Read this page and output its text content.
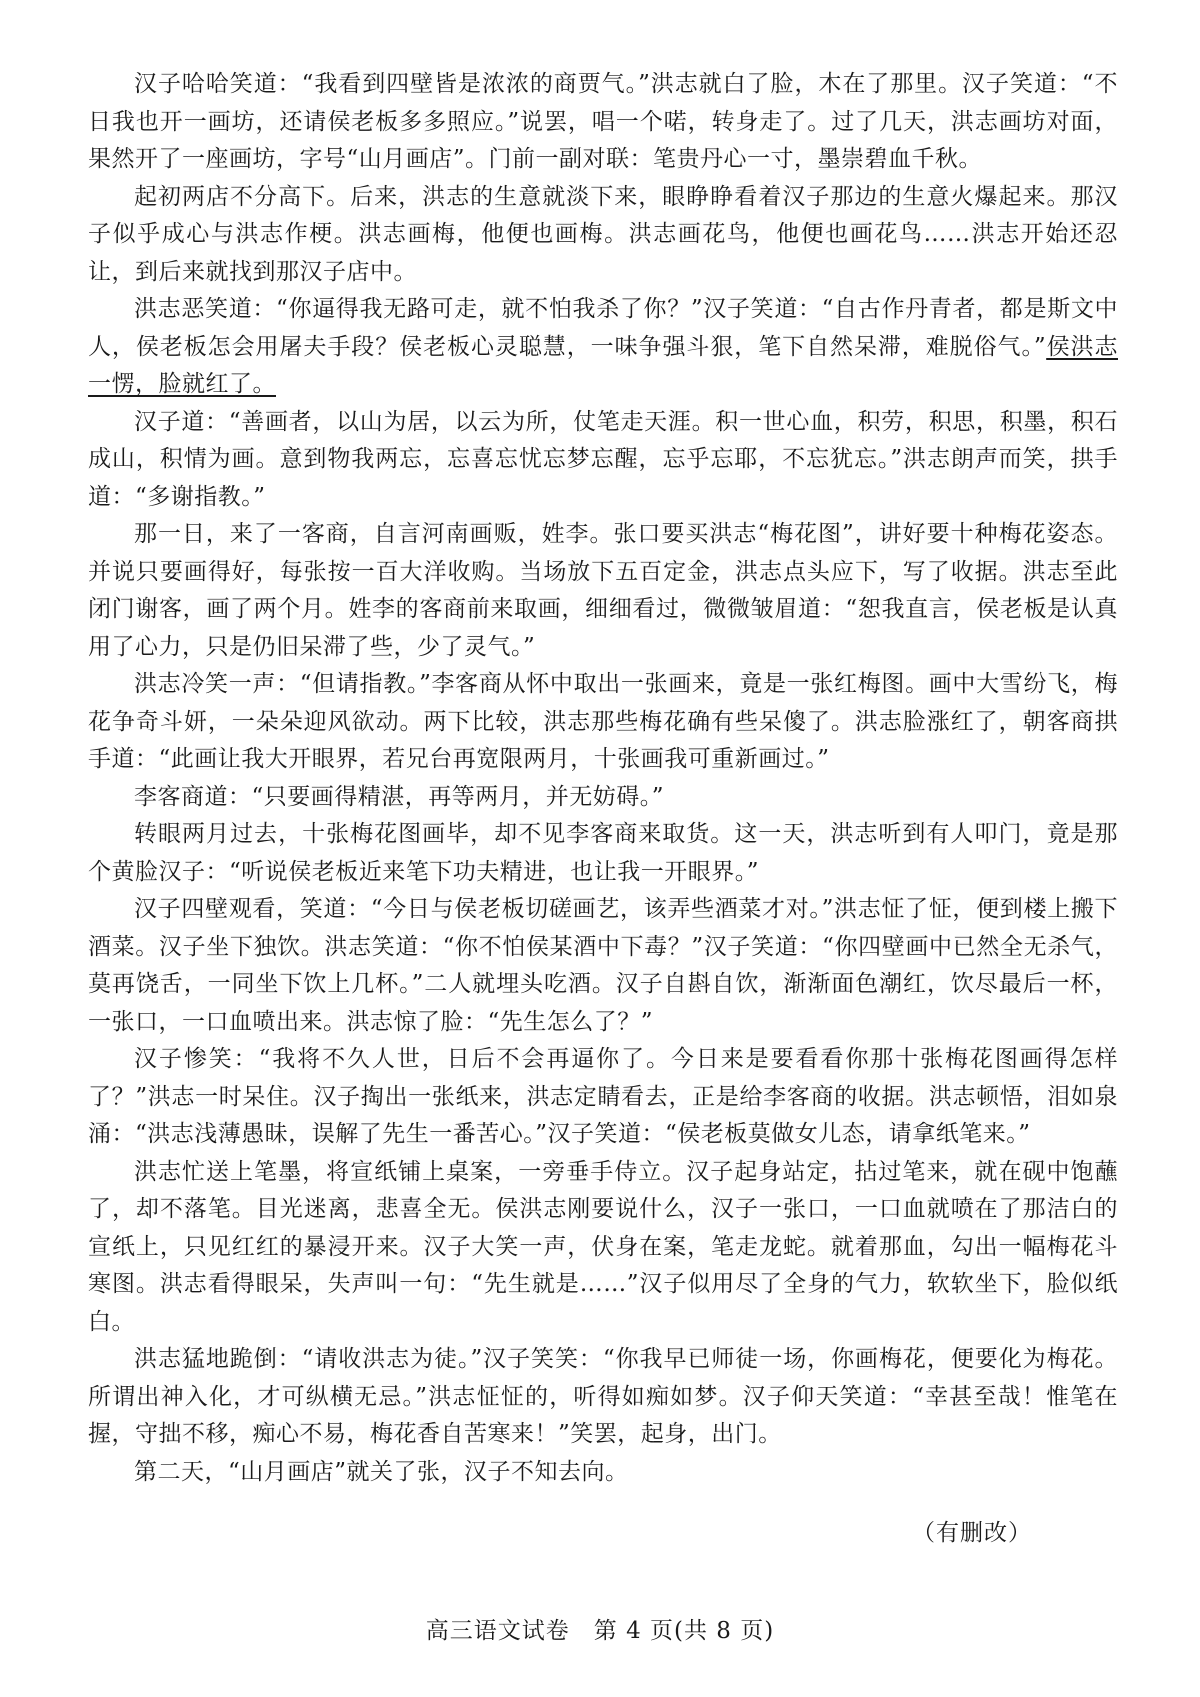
汉子哈哈笑道：“我看到四壁皆是浓浓的商贾气。”洪志就白了脸，木在了那里。汉子笑道：“不日我也开一画坊，还请侯老板多多照应。”说罢，唱一个喏，转身走了。过了几天，洪志画坊对面，果然开了一座画坊，字号“山月画店”。门前一副对联：笔贵丹心一寸，墨崇碧血千秋。

起初两店不分高下。后来，洪志的生意就淡下来，眼睁睁看着汉子那边的生意火爆起来。那汉子似乎成心与洪志作梗。洪志画梅，他便也画梅。洪志画花鸟，他便也画花鸟……洪志开始还忍让，到后来就找到那汉子店中。

洪志恶笑道：“你逼得我无路可走，就不怕我杀了你？”汉子笑道：“自古作丹青者，都是斯文中人，侯老板怎会用屠夫手段？侯老板心灵聪慧，一味争强斗狠，笔下自然呆滞，难脱俗气。”侯洪志一愣，脸就红了。

汉子道：“善画者，以山为居，以云为所，仗笔走天涯。积一世心血，积劳，积思，积墨，积石成山，积情为画。意到物我两忘，忘喜忘忧忘梦忘醒，忘乎忘耶，不忘犹忘。”洪志朗声而笑，拱手道：“多谢指教。”

那一日，来了一客商，自言河南画贩，姓李。张口要买洪志“梅花图”，讲好要十种梅花姿态。并说只要画得好，每张按一百大洋收购。当场放下五百定金，洪志点头应下，写了收据。洪志至此闭门谢客，画了两个月。姓李的客商前来取画，细细看过，微微皱眉道：“恕我直言，侯老板是认真用了心力，只是仍旧呆滞了些，少了灵气。”

洪志冷笑一声：“但请指教。”李客商从怀中取出一张画来，竟是一张红梅图。画中大雪纷飞，梅花争奇斗妍，一朵朵迎风欲动。两下比较，洪志那些梅花确有些呆傻了。洪志脸涨红了，朝客商拱手道：“此画让我大开眼界，若兄台再宽限两月，十张画我可重新画过。”

李客商道：“只要画得精湛，再等两月，并无妨碍。”

转眼两月过去，十张梅花图画毕，却不见李客商来取货。这一天，洪志听到有人叩门，竟是那个黄脸汉子：“听说侯老板近来笔下功夫精进，也让我一开眼界。”

汉子四壁观看，笑道：“今日与侯老板切磋画艺，该弄些酒菜才对。”洪志怔了怔，便到楼上搬下酒菜。汉子坐下独饮。洪志笑道：“你不怕侯某酒中下毒？”汉子笑道：“你四壁画中已然全无杀气，莫再饶舌，一同坐下饮上几杯。”二人就埋头吃酒。汉子自斟自饮，渐渐面色潮红，饮尽最后一杯，一张口，一口血喷出来。洪志惊了脸：“先生怎么了？”

汉子惨笑：“我将不久人世，日后不会再逼你了。今日来是要看看你那十张梅花图画得怎样了？”洪志一时呆住。汉子掏出一张纸来，洪志定睛看去，正是给李客商的收据。洪志顿悟，泪如泉涌：“洪志浅薄愚昧，误解了先生一番苦心。”汉子笑道：“侯老板莫做女儿态，请拿纸笔来。”

洪志忙送上笔墨，将宣纸铺上桌案，一旁垂手侍立。汉子起身站定，拈过笔来，就在砚中饱蘸了，却不落笔。目光迷离，悲喜全无。侯洪志刚要说什么，汉子一张口，一口血就喷在了那洁白的宣纸上，只见红红的暴浸开来。汉子大笑一声，伏身在案，笔走龙蛇。就着那血，勾出一幅梅花斗寒图。洪志看得眼呆，失声叫一句：“先生就是……”汉子似用尽了全身的气力，软软坐下，脸似纸白。

洪志猛地跪倒：“请收洪志为徒。”汉子笑笑：“你我早已师徒一场，你画梅花，便要化为梅花。所谓出神入化，才可纵横无忌。”洪志怔怔的，听得如痴如梦。汉子仰天笑道：“幸甚至哉！惟笔在握，守拙不移，痴心不易，梅花香自苦寒来！”笑罢，起身，出门。

第二天，“山月画店”就关了张，汉子不知去向。

（有删改）
高三语文试卷　第 4 页(共 8 页)
